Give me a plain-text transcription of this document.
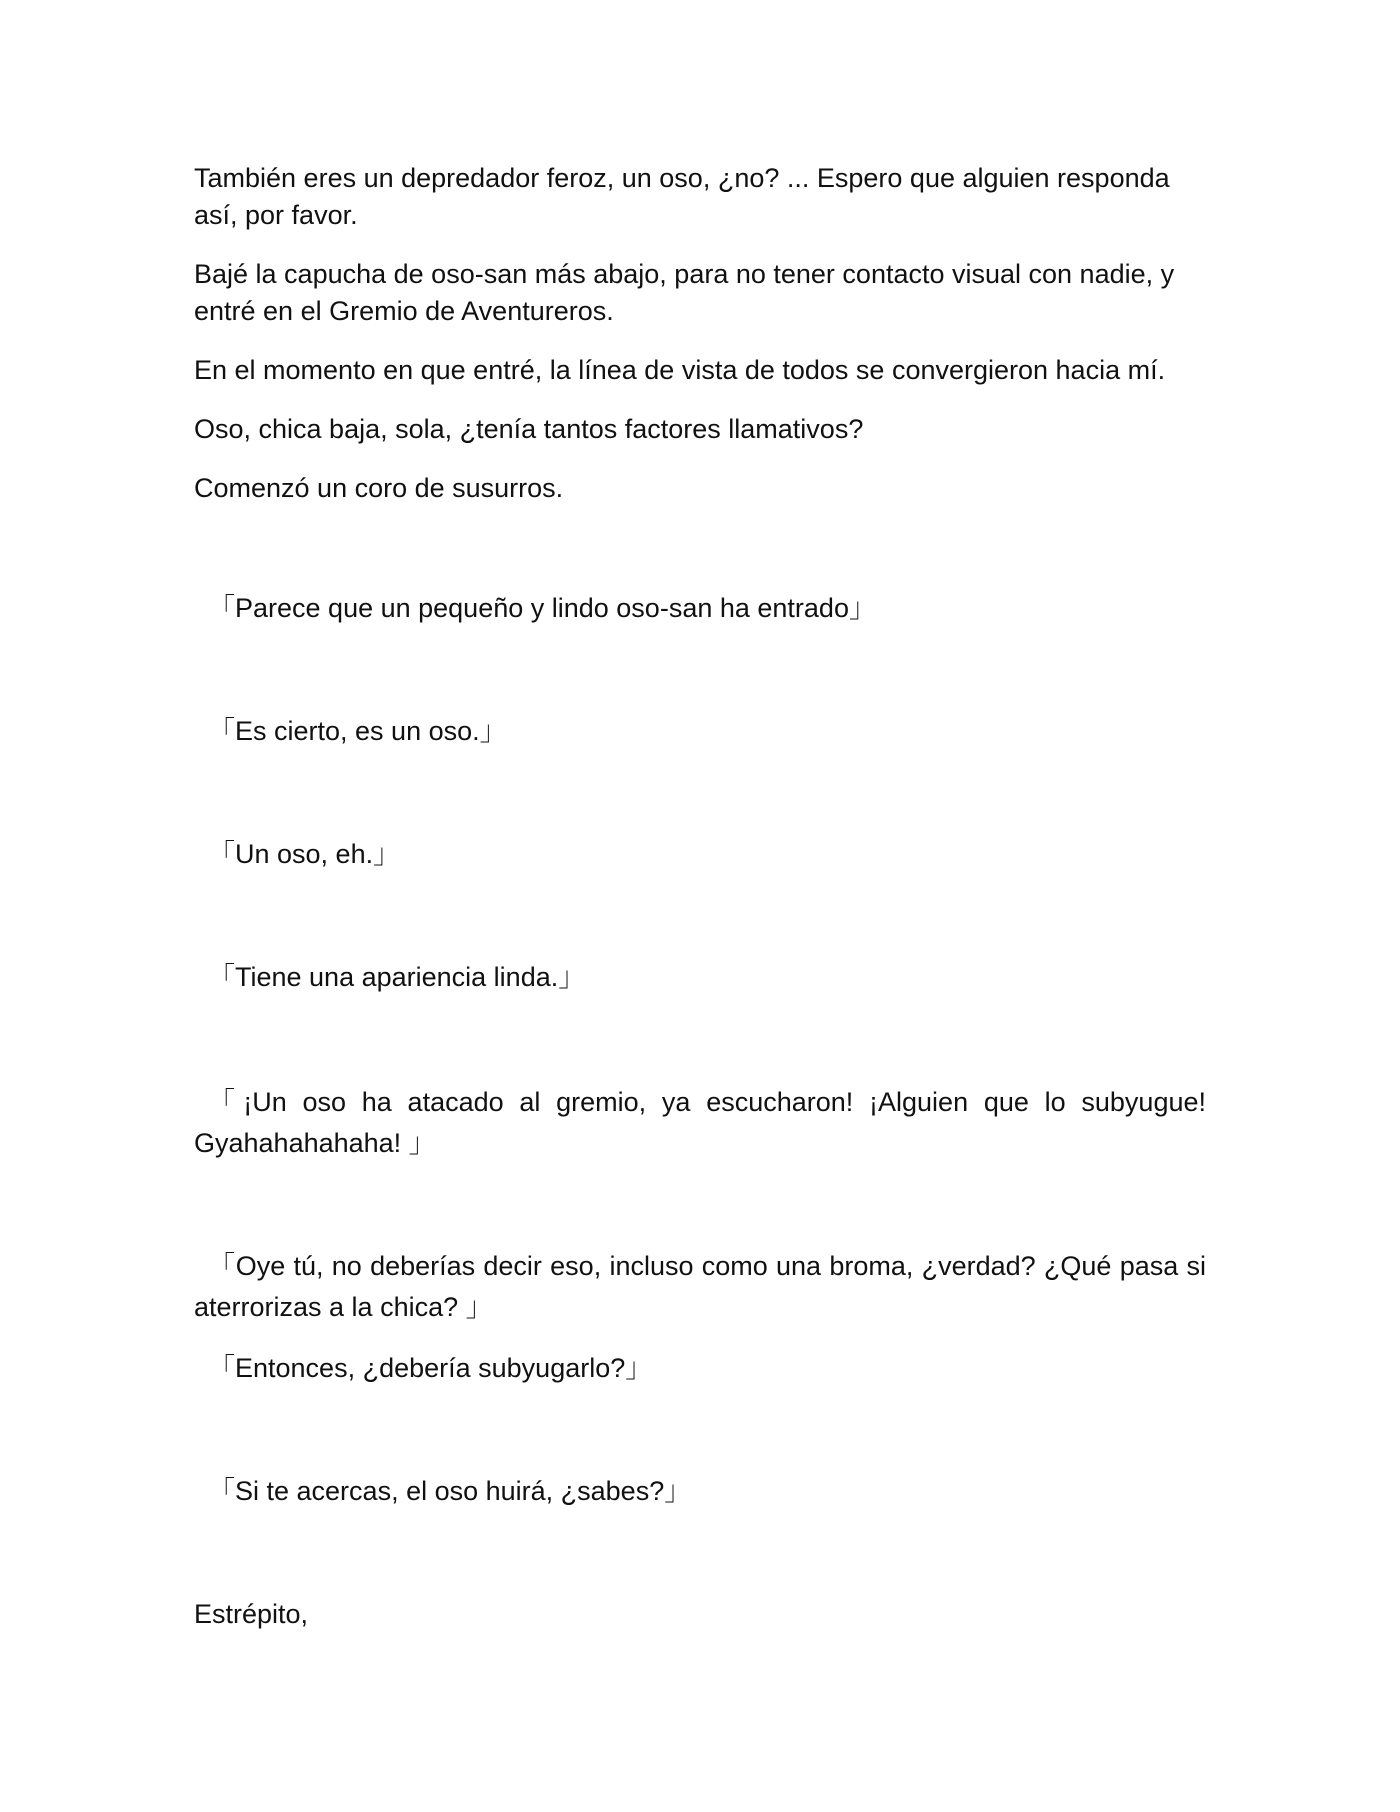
También eres un depredador feroz, un oso, ¿no? ... Espero que alguien responda así, por favor.

Bajé la capucha de oso-san más abajo, para no tener contacto visual con nadie, y entré en el Gremio de Aventureros.

En el momento en que entré, la línea de vista de todos se convergieron hacia mí.

Oso, chica baja, sola, ¿tenía tantos factores llamativos?

Comenzó un coro de susurros.

「Parece que un pequeño y lindo oso-san ha entrado」

「Es cierto, es un oso.」

「Un oso, eh.」

「Tiene una apariencia linda.」

「¡Un oso ha atacado al gremio, ya escucharon! ¡Alguien que lo subyugue! Gyahahahahaha! 」

「Oye tú, no deberías decir eso, incluso como una broma, ¿verdad? ¿Qué pasa si aterrorizas a la chica? 」

「Entonces, ¿debería subyugarlo?」

「Si te acercas, el oso huirá, ¿sabes?」

Estrépito,
